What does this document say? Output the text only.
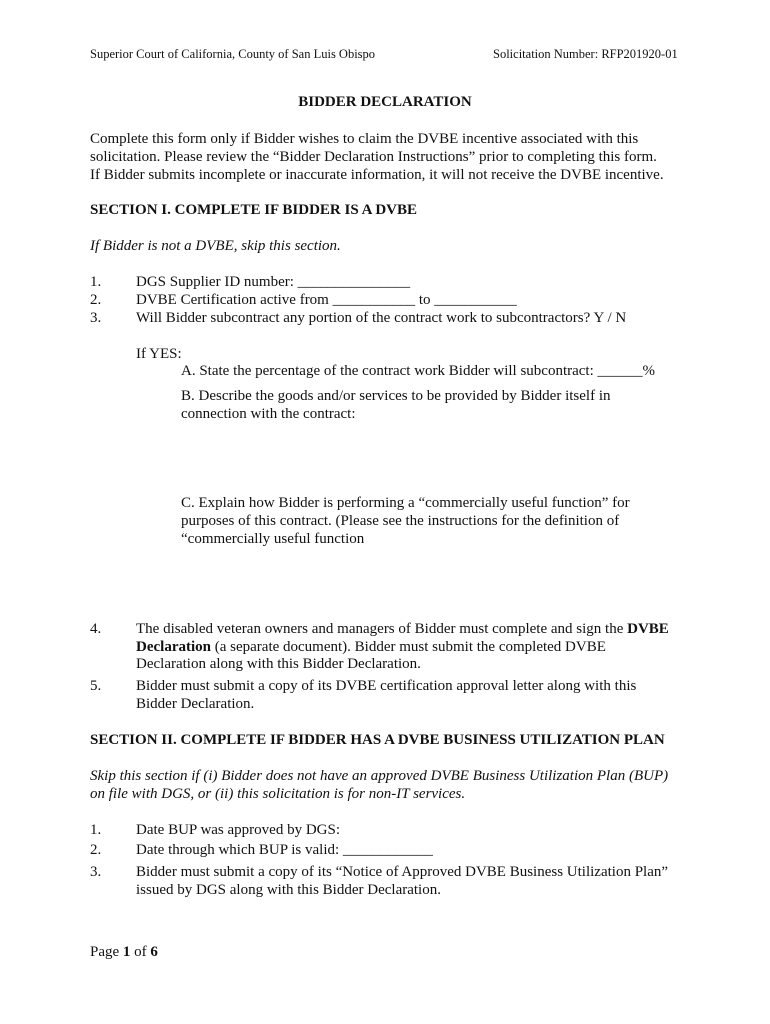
Superior Court of California, County of San Luis Obispo	Solicitation Number: RFP201920-01
BIDDER DECLARATION
Complete this form only if Bidder wishes to claim the DVBE incentive associated with this
solicitation. Please review the “Bidder Declaration Instructions” prior to completing this form.
If Bidder submits incomplete or inaccurate information, it will not receive the DVBE incentive.
SECTION I. COMPLETE IF BIDDER IS A DVBE
If Bidder is not a DVBE, skip this section.
1. DGS Supplier ID number: _______________
2. DVBE Certification active from ___________ to ___________
3. Will Bidder subcontract any portion of the contract work to subcontractors? Y / N
If YES:
A. State the percentage of the contract work Bidder will subcontract: ______%
B. Describe the goods and/or services to be provided by Bidder itself in
connection with the contract:
C. Explain how Bidder is performing a “commercially useful function” for
purposes of this contract. (Please see the instructions for the definition of
“commercially useful function
4. The disabled veteran owners and managers of Bidder must complete and sign the DVBE
Declaration (a separate document). Bidder must submit the completed DVBE
Declaration along with this Bidder Declaration.
5. Bidder must submit a copy of its DVBE certification approval letter along with this
Bidder Declaration.
SECTION II. COMPLETE IF BIDDER HAS A DVBE BUSINESS UTILIZATION PLAN
Skip this section if (i) Bidder does not have an approved DVBE Business Utilization Plan (BUP)
on file with DGS, or (ii) this solicitation is for non-IT services.
1. Date BUP was approved by DGS:
2. Date through which BUP is valid: ____________
3. Bidder must submit a copy of its “Notice of Approved DVBE Business Utilization Plan”
issued by DGS along with this Bidder Declaration.
Page 1 of 6
